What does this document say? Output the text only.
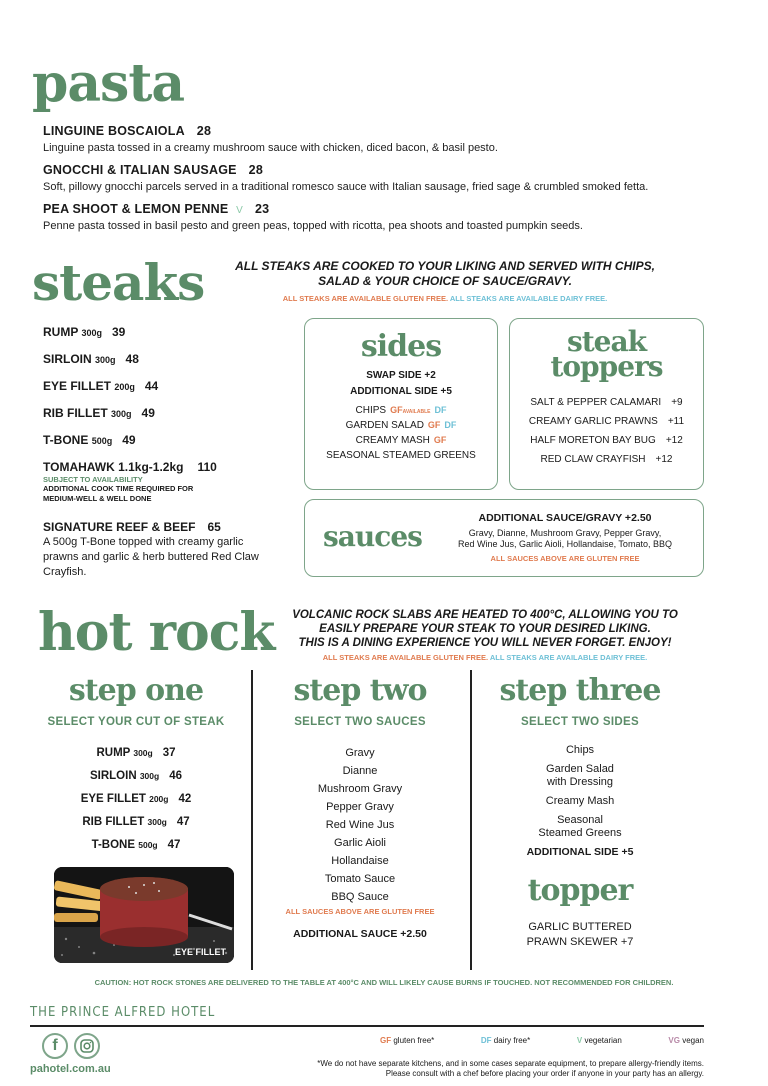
pasta
LINGUINE BOSCAIOLA 28
Linguine pasta tossed in a creamy mushroom sauce with chicken, diced bacon, & basil pesto.
GNOCCHI & ITALIAN SAUSAGE 28
Soft, pillowy gnocchi parcels served in a traditional romesco sauce with Italian sausage, fried sage & crumbled smoked fetta.
PEA SHOOT & LEMON PENNE V 23
Penne pasta tossed in basil pesto and green peas, topped with ricotta, pea shoots and toasted pumpkin seeds.
steaks	ALL STEAKS ARE COOKED TO YOUR LIKING AND SERVED WITH CHIPS,
SALAD & YOUR CHOICE OF SAUCE/GRAVY.
ALL STEAKS ARE AVAILABLE GLUTEN FREE. ALL STEAKS ARE AVAILABLE DAIRY FREE.
RUMP 300g 39
SIRLOIN 300g 48
EYE FILLET 200g 44
RIB FILLET 300g 49
T-BONE 500g 49
TOMAHAWK 1.1kg-1.2kg 110
SUBJECT TO AVAILABILITY
ADDITIONAL COOK TIME REQUIRED FOR
MEDIUM-WELL & WELL DONE
SIGNATURE REEF & BEEF 65
A 500g T-Bone topped with creamy garlic
prawns and garlic & herb buttered Red Claw
Crayfish.
sides
SWAP SIDE +2
ADDITIONAL SIDE +5
CHIPS GFAVAILABLE DF
GARDEN SALAD GF DF
CREAMY MASH GF
SEASONAL STEAMED GREENS
steak
toppers
SALT & PEPPER CALAMARI +9
CREAMY GARLIC PRAWNS +11
HALF MORETON BAY BUG +12
RED CLAW CRAYFISH +12
sauces
ADDITIONAL SAUCE/GRAVY +2.50
Gravy, Dianne, Mushroom Gravy, Pepper Gravy,
Red Wine Jus, Garlic Aioli, Hollandaise, Tomato, BBQ
ALL SAUCES ABOVE ARE GLUTEN FREE
hot rock	VOLCANIC ROCK SLABS ARE HEATED TO 400°C, ALLOWING YOU TO
EASILY PREPARE YOUR STEAK TO YOUR DESIRED LIKING.
THIS IS A DINING EXPERIENCE YOU WILL NEVER FORGET. ENJOY!
ALL STEAKS ARE AVAILABLE GLUTEN FREE. ALL STEAKS ARE AVAILABLE DAIRY FREE.
step one
SELECT YOUR CUT OF STEAK
RUMP 300g 37
SIRLOIN 300g 46
EYE FILLET 200g 42
RIB FILLET 300g 47
T-BONE 500g 47
EYE FILLET
step two
SELECT TWO SAUCES
Gravy
Dianne
Mushroom Gravy
Pepper Gravy
Red Wine Jus
Garlic Aioli
Hollandaise
Tomato Sauce
BBQ Sauce
ALL SAUCES ABOVE ARE GLUTEN FREE
ADDITIONAL SAUCE +2.50
step three
SELECT TWO SIDES
Chips
Garden Salad
with Dressing
Creamy Mash
Seasonal
Steamed Greens
ADDITIONAL SIDE +5
topper
GARLIC BUTTERED
PRAWN SKEWER +7
CAUTION: HOT ROCK STONES ARE DELIVERED TO THE TABLE AT 400°C AND WILL LIKELY CAUSE BURNS IF TOUCHED. NOT RECOMMENDED FOR CHILDREN.
THE PRINCE ALFRED HOTEL
f
pahotel.com.au
GF gluten free*	DF dairy free*	V vegetarian	VG vegan
*We do not have separate kitchens, and in some cases separate equipment, to prepare allergy-friendly items.
Please consult with a chef before placing your order if anyone in your party has an allergy.
